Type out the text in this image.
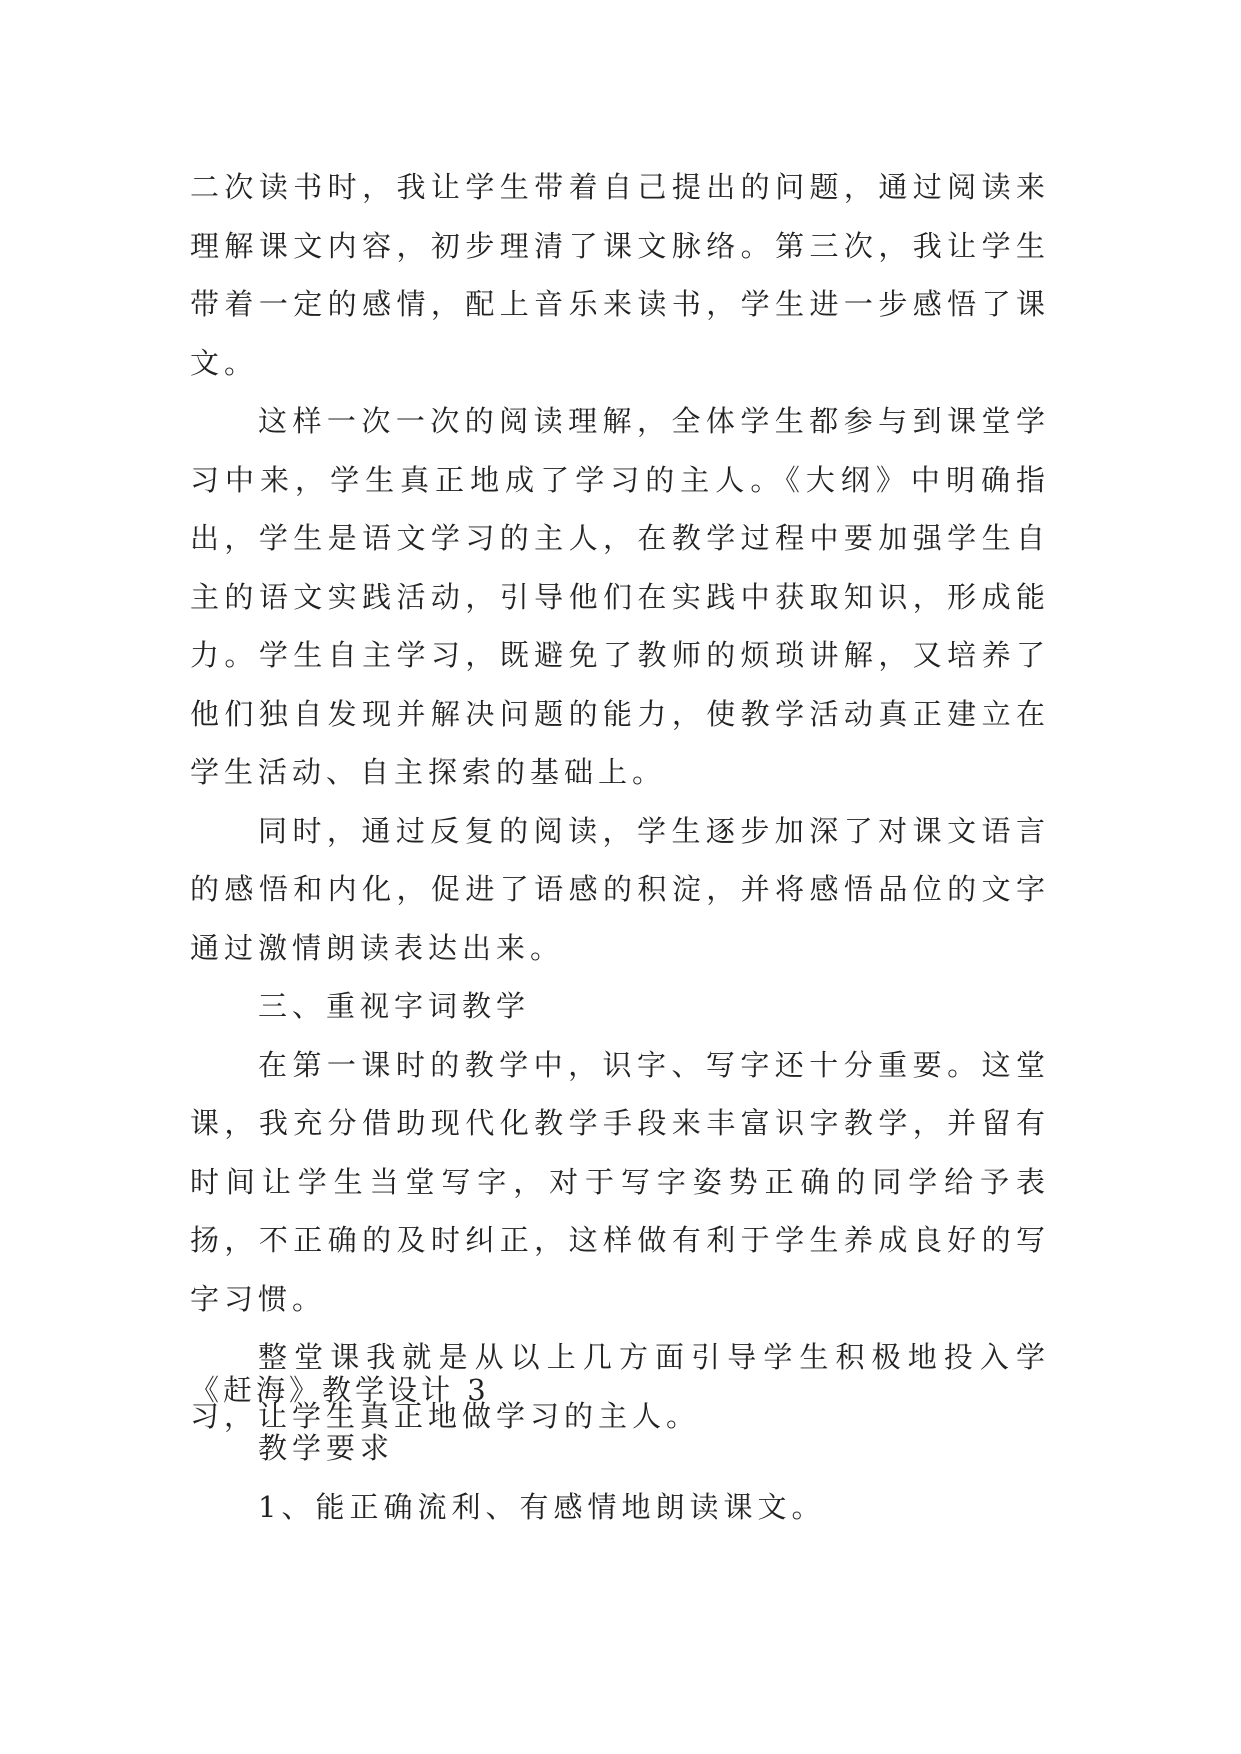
二次读书时，我让学生带着自己提出的问题，通过阅读来理解课文内容，初步理清了课文脉络。第三次，我让学生带着一定的感情，配上音乐来读书，学生进一步感悟了课文。

这样一次一次的阅读理解，全体学生都参与到课堂学习中来，学生真正地成了学习的主人。《大纲》中明确指出，学生是语文学习的主人，在教学过程中要加强学生自主的语文实践活动，引导他们在实践中获取知识，形成能力。学生自主学习，既避免了教师的烦琐讲解，又培养了他们独自发现并解决问题的能力，使教学活动真正建立在学生活动、自主探索的基础上。

同时，通过反复的阅读，学生逐步加深了对课文语言的感悟和内化，促进了语感的积淀，并将感悟品位的文字通过激情朗读表达出来。

三、重视字词教学

在第一课时的教学中，识字、写字还十分重要。这堂课，我充分借助现代化教学手段来丰富识字教学，并留有时间让学生当堂写字，对于写字姿势正确的同学给予表扬，不正确的及时纠正，这样做有利于学生养成良好的写字习惯。

整堂课我就是从以上几方面引导学生积极地投入学习，让学生真正地做学习的主人。

《赶海》教学设计 3

教学要求

1、能正确流利、有感情地朗读课文。
